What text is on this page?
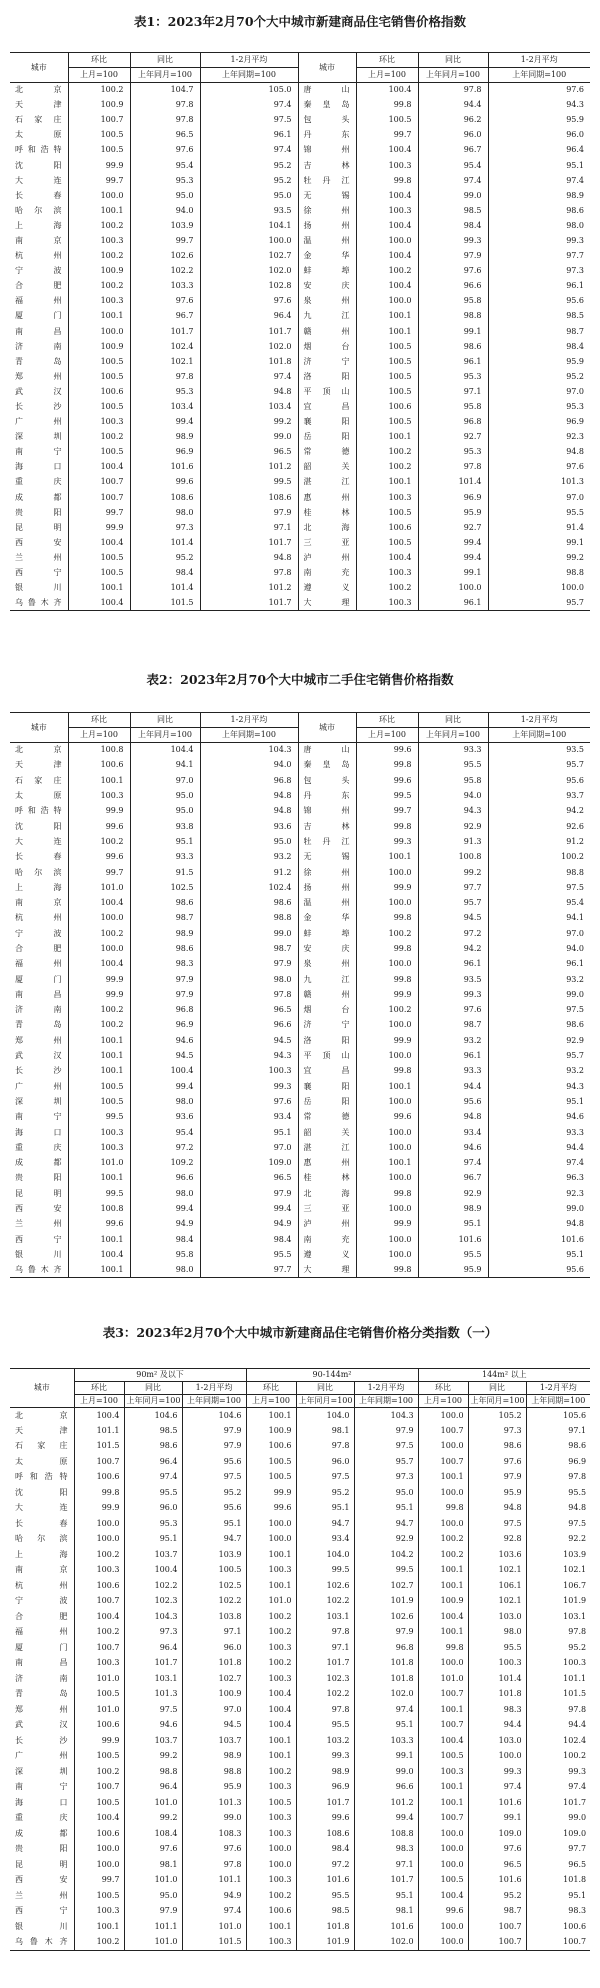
表1：2023年2月70个大中城市新建商品住宅销售价格指数
城市	环比	同比	1-2月平均	城市	环比	同比	1-2月平均
	上月=100	上年同月=100	上年同期=100		上月=100	上年同月=100	上年同期=100
北京	100.2	104.7	105.0	唐山	100.4	97.8	97.6
天津	100.9	97.8	97.4	秦皇岛	99.8	94.4	94.3
石家庄	100.7	97.8	97.5	包头	100.5	96.2	95.9
太原	100.5	96.5	96.1	丹东	99.7	96.0	96.0
呼和浩特	100.5	97.6	97.4	锦州	100.4	96.7	96.4
沈阳	99.9	95.4	95.2	吉林	100.3	95.4	95.1
大连	99.7	95.3	95.2	牡丹江	99.8	97.4	97.4
长春	100.0	95.0	95.0	无锡	100.4	99.0	98.9
哈尔滨	100.1	94.0	93.5	徐州	100.3	98.5	98.6
上海	100.2	103.9	104.1	扬州	100.4	98.4	98.0
南京	100.3	99.7	100.0	温州	100.0	99.3	99.3
杭州	100.2	102.6	102.7	金华	100.4	97.9	97.7
宁波	100.9	102.2	102.0	蚌埠	100.2	97.6	97.3
合肥	100.2	103.3	102.8	安庆	100.4	96.6	96.1
福州	100.3	97.6	97.6	泉州	100.0	95.8	95.6
厦门	100.1	96.7	96.4	九江	100.1	98.8	98.5
南昌	100.0	101.7	101.7	赣州	100.1	99.1	98.7
济南	100.9	102.4	102.0	烟台	100.5	98.6	98.4
青岛	100.5	102.1	101.8	济宁	100.5	96.1	95.9
郑州	100.5	97.8	97.4	洛阳	100.5	95.3	95.2
武汉	100.6	95.3	94.8	平顶山	100.5	97.1	97.0
长沙	100.5	103.4	103.4	宜昌	100.6	95.8	95.3
广州	100.3	99.4	99.2	襄阳	100.5	96.8	96.9
深圳	100.2	98.9	99.0	岳阳	100.1	92.7	92.3
南宁	100.5	96.9	96.5	常德	100.2	95.3	94.8
海口	100.4	101.6	101.2	韶关	100.2	97.8	97.6
重庆	100.7	99.6	99.5	湛江	100.1	101.4	101.3
成都	100.7	108.6	108.6	惠州	100.3	96.9	97.0
贵阳	99.7	98.0	97.9	桂林	100.5	95.9	95.5
昆明	99.9	97.3	97.1	北海	100.6	92.7	91.4
西安	100.4	101.4	101.7	三亚	100.5	99.4	99.1
兰州	100.5	95.2	94.8	泸州	100.4	99.4	99.2
西宁	100.5	98.4	97.8	南充	100.3	99.1	98.8
银川	100.1	101.4	101.2	遵义	100.2	100.0	100.0
乌鲁木齐	100.4	101.5	101.7	大理	100.3	96.1	95.7
表2：2023年2月70个大中城市二手住宅销售价格指数
城市	环比	同比	1-2月平均	城市	环比	同比	1-2月平均
	上月=100	上年同月=100	上年同期=100		上月=100	上年同月=100	上年同期=100
北京	100.8	104.4	104.3	唐山	99.6	93.3	93.5
天津	100.6	94.1	94.0	秦皇岛	99.8	95.5	95.7
石家庄	100.1	97.0	96.8	包头	99.6	95.8	95.6
太原	100.3	95.0	94.8	丹东	99.5	94.0	93.7
呼和浩特	99.9	95.0	94.8	锦州	99.7	94.3	94.2
沈阳	99.6	93.8	93.6	吉林	99.8	92.9	92.6
大连	100.2	95.1	95.0	牡丹江	99.3	91.3	91.2
长春	99.6	93.3	93.2	无锡	100.1	100.8	100.2
哈尔滨	99.7	91.5	91.2	徐州	100.0	99.2	98.8
上海	101.0	102.5	102.4	扬州	99.9	97.7	97.5
南京	100.4	98.6	98.6	温州	100.0	95.7	95.4
杭州	100.0	98.7	98.8	金华	99.8	94.5	94.1
宁波	100.2	98.9	99.0	蚌埠	100.2	97.2	97.0
合肥	100.0	98.6	98.7	安庆	99.8	94.2	94.0
福州	100.4	98.3	97.9	泉州	100.0	96.1	96.1
厦门	99.9	97.9	98.0	九江	99.8	93.5	93.2
南昌	99.9	97.9	97.8	赣州	99.9	99.3	99.0
济南	100.2	96.8	96.5	烟台	100.2	97.6	97.5
青岛	100.2	96.9	96.6	济宁	100.0	98.7	98.6
郑州	100.1	94.6	94.5	洛阳	99.9	93.2	92.9
武汉	100.1	94.5	94.3	平顶山	100.0	96.1	95.7
长沙	100.1	100.4	100.3	宜昌	99.8	93.3	93.2
广州	100.5	99.4	99.3	襄阳	100.1	94.4	94.3
深圳	100.5	98.0	97.6	岳阳	100.0	95.6	95.1
南宁	99.5	93.6	93.4	常德	99.6	94.8	94.6
海口	100.3	95.4	95.1	韶关	100.0	93.4	93.3
重庆	100.3	97.2	97.0	湛江	100.0	94.6	94.4
成都	101.0	109.2	109.0	惠州	100.1	97.4	97.4
贵阳	100.1	96.6	96.5	桂林	100.0	96.7	96.3
昆明	99.5	98.0	97.9	北海	99.8	92.9	92.3
西安	100.8	99.4	99.4	三亚	100.0	98.9	99.0
兰州	99.6	94.9	94.9	泸州	99.9	95.1	94.8
西宁	100.1	98.4	98.4	南充	100.0	101.6	101.6
银川	100.4	95.8	95.5	遵义	100.0	95.5	95.1
乌鲁木齐	100.1	98.0	97.7	大理	99.8	95.9	95.6
表3：2023年2月70个大中城市新建商品住宅销售价格分类指数（一）
城市	90m² 及以下			90-144m²			144m² 以上		
	环比	同比	1-2月平均	环比	同比	1-2月平均	环比	同比	1-2月平均
	上月=100	上年同月=100	上年同期=100	上月=100	上年同月=100	上年同期=100	上月=100	上年同月=100	上年同期=100
北京	100.4	104.6	104.6	100.1	104.0	104.3	100.0	105.2	105.6
天津	101.1	98.5	97.9	100.9	98.1	97.9	100.7	97.3	97.1
石家庄	101.5	98.6	97.9	100.6	97.8	97.5	100.0	98.6	98.6
太原	100.7	96.4	95.6	100.5	96.0	95.7	100.7	97.6	96.9
呼和浩特	100.6	97.4	97.5	100.5	97.5	97.3	100.1	97.9	97.8
沈阳	99.8	95.5	95.2	99.9	95.2	95.0	100.0	95.9	95.5
大连	99.9	96.0	95.6	99.6	95.1	95.1	99.8	94.8	94.8
长春	100.0	95.3	95.1	100.0	94.7	94.7	100.0	97.5	97.5
哈尔滨	100.0	95.1	94.7	100.0	93.4	92.9	100.2	92.8	92.2
上海	100.2	103.7	103.9	100.1	104.0	104.2	100.2	103.6	103.9
南京	100.3	100.4	100.5	100.3	99.5	99.5	100.1	102.1	102.1
杭州	100.6	102.2	102.5	100.1	102.6	102.7	100.1	106.1	106.7
宁波	100.7	102.3	102.2	101.0	102.2	101.9	100.9	102.1	101.9
合肥	100.4	104.3	103.8	100.2	103.1	102.6	100.4	103.0	103.1
福州	100.2	97.3	97.1	100.2	97.8	97.9	100.1	98.0	97.8
厦门	100.7	96.4	96.0	100.3	97.1	96.8	99.8	95.5	95.2
南昌	100.3	101.7	101.8	100.2	101.7	101.8	100.0	100.3	100.3
济南	101.0	103.1	102.7	100.3	102.3	101.8	101.0	101.4	101.1
青岛	100.5	101.3	100.9	100.4	102.2	102.0	100.7	101.8	101.5
郑州	101.0	97.5	97.0	100.4	97.8	97.4	100.1	98.3	97.8
武汉	100.6	94.6	94.5	100.4	95.5	95.1	100.7	94.4	94.4
长沙	99.9	103.7	103.7	100.1	103.2	103.3	100.4	103.0	102.4
广州	100.5	99.2	98.9	100.1	99.3	99.1	100.5	100.0	100.2
深圳	100.2	98.8	98.8	100.2	98.9	99.0	100.3	99.3	99.3
南宁	100.7	96.4	95.9	100.3	96.9	96.6	100.1	97.4	97.4
海口	100.5	101.0	101.3	100.5	101.7	101.2	100.1	101.6	101.7
重庆	100.4	99.2	99.0	100.3	99.6	99.4	100.7	99.1	99.0
成都	100.6	108.4	108.3	100.3	108.6	108.8	100.0	109.0	109.0
贵阳	100.0	97.6	97.6	100.0	98.4	98.3	100.0	97.6	97.7
昆明	100.0	98.1	97.8	100.0	97.2	97.1	100.0	96.5	96.5
西安	99.7	101.0	101.1	100.3	101.6	101.7	100.5	101.6	101.8
兰州	100.5	95.0	94.9	100.2	95.5	95.1	100.4	95.2	95.1
西宁	100.3	97.9	97.4	100.6	98.5	98.1	99.6	98.7	98.3
银川	100.1	101.1	101.0	100.1	101.8	101.6	100.0	100.7	100.6
乌鲁木齐	100.2	101.0	101.5	100.3	101.9	102.0	100.0	100.7	100.7
